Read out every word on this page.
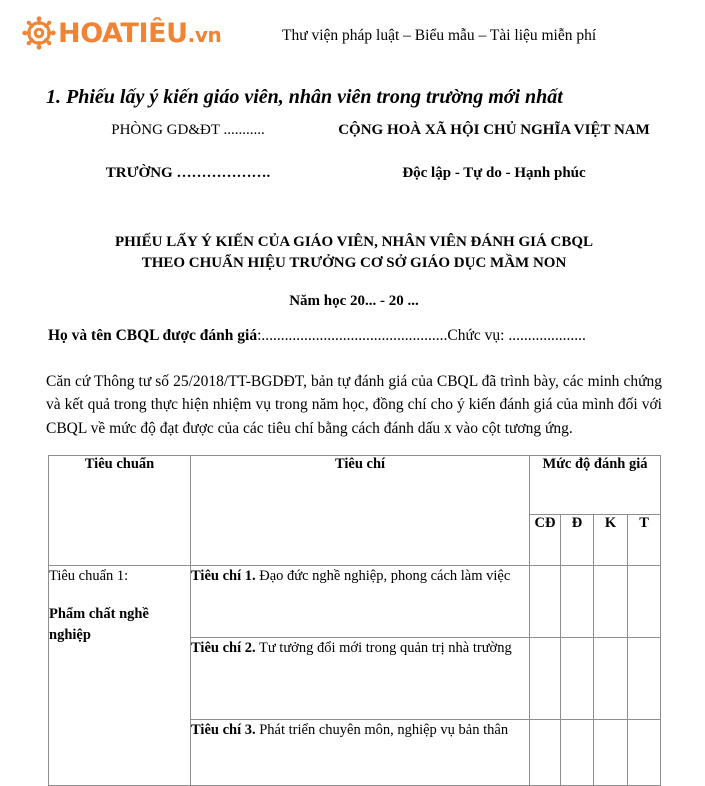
HOATIÊU.vn	Thư viện pháp luật – Biểu mẫu – Tài liệu miễn phí
1. Phiếu lấy ý kiến giáo viên, nhân viên trong trường mới nhất
PHÒNG GD&ĐT ...........
TRƯỜNG ……………….
CỘNG HOÀ XÃ HỘI CHỦ NGHĨA VIỆT NAM
Độc lập - Tự do - Hạnh phúc
PHIẾU LẤY Ý KIẾN CỦA GIÁO VIÊN, NHÂN VIÊN ĐÁNH GIÁ CBQL
THEO CHUẨN HIỆU TRƯỞNG CƠ SỞ GIÁO DỤC MẦM NON
Năm học 20... - 20 ...
Họ và tên CBQL được đánh giá:................................................Chức vụ: ....................
Căn cứ Thông tư số 25/2018/TT-BGDĐT, bản tự đánh giá của CBQL đã trình bày, các minh chứng và kết quả trong thực hiện nhiệm vụ trong năm học, đồng chí cho ý kiến đánh giá của mình đối với CBQL về mức độ đạt được của các tiêu chí bằng cách đánh dấu x vào cột tương ứng.
Tiêu chuẩn	Tiêu chí	Mức độ đánh giá			
		CĐ	Đ	K	T

Tiêu chuẩn 1:
Phẩm chất nghề nghiệp	Tiêu chí 1. Đạo đức nghề nghiệp, phong cách làm việc				
	Tiêu chí 2. Tư tưởng đổi mới trong quản trị nhà trường				
	Tiêu chí 3. Phát triển chuyên môn, nghiệp vụ bản thân				
